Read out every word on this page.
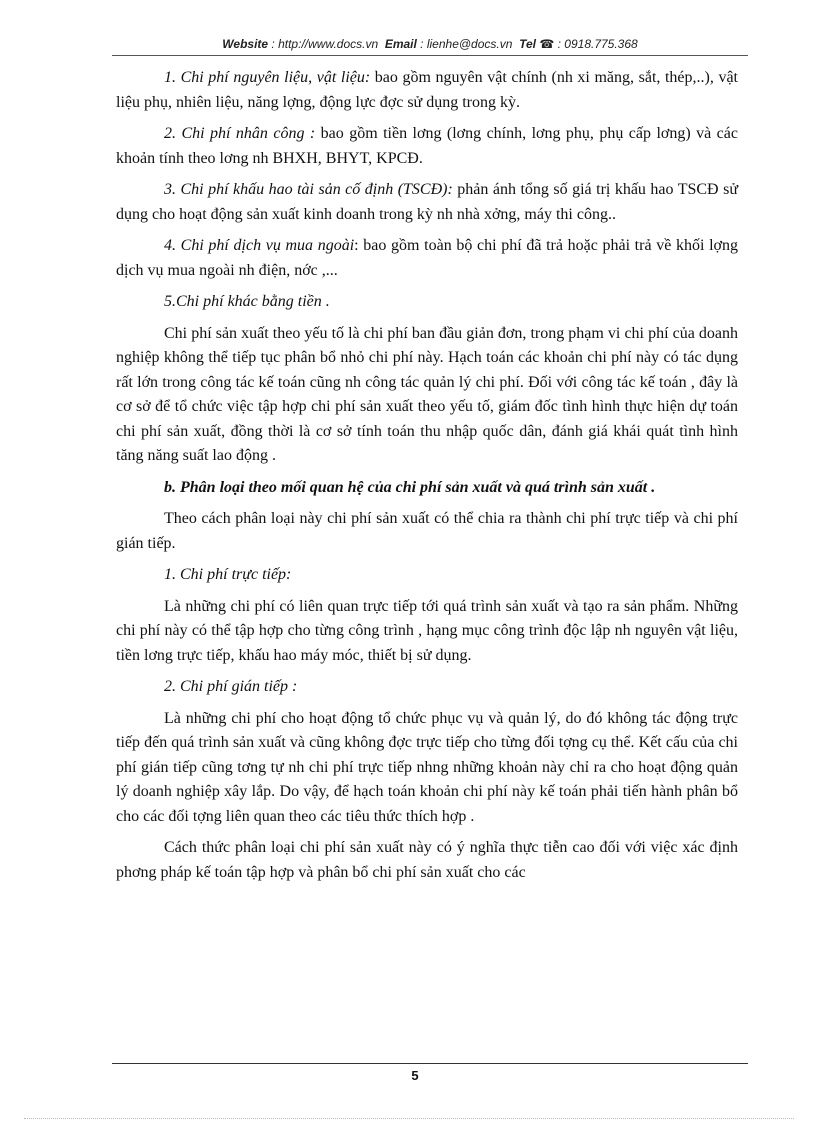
Website : http://www.docs.vn Email : lienhe@docs.vn Tel ☎ : 0918.775.368

1. Chi phí nguyên liệu, vật liệu: bao gồm nguyên vật chính (nh xi măng, sắt, thép,..), vật liệu phụ, nhiên liệu, năng lợng, động lực đợc sử dụng trong kỳ.

2. Chi phí nhân công : bao gồm tiền lơng (lơng chính, lơng phụ, phụ cấp lơng) và các khoản tính theo lơng nh BHXH, BHYT, KPCĐ.

3. Chi phí khấu hao tài sản cố định (TSCĐ): phản ánh tổng số giá trị khấu hao TSCĐ sử dụng cho hoạt động sản xuất kinh doanh trong kỳ nh nhà xởng, máy thi công..

4. Chi phí dịch vụ mua ngoài: bao gồm toàn bộ chi phí đã trả hoặc phải trả về khối lợng dịch vụ mua ngoài nh điện, nớc ,...

5.Chi phí khác bằng tiền .

Chi phí sản xuất theo yếu tố là chi phí ban đầu giản đơn, trong phạm vi chi phí của doanh nghiệp không thể tiếp tục phân bổ nhỏ chi phí này. Hạch toán các khoản chi phí này có tác dụng rất lớn trong công tác kế toán cũng nh công tác quản lý chi phí. Đối với công tác kế toán , đây là cơ sở để tổ chức việc tập hợp chi phí sản xuất theo yếu tố, giám đốc tình hình thực hiện dự toán chi phí sản xuất, đồng thời là cơ sở tính toán thu nhập quốc dân, đánh giá khái quát tình hình tăng năng suất lao động .

b. Phân loại theo mối quan hệ của chi phí sản xuất và quá trình sản xuất .

Theo cách phân loại này chi phí sản xuất có thể chia ra thành chi phí trực tiếp và chi phí gián tiếp.

1. Chi phí trực tiếp:

Là những chi phí có liên quan trực tiếp tới quá trình sản xuất và tạo ra sản phẩm. Những chi phí này có thể tập hợp cho từng công trình , hạng mục công trình độc lập nh nguyên vật liệu, tiền lơng trực tiếp, khấu hao máy móc, thiết bị sử dụng.

2. Chi phí gián tiếp :

Là những chi phí cho hoạt động tổ chức phục vụ và quản lý, do đó không tác động trực tiếp đến quá trình sản xuất và cũng không đợc trực tiếp cho từng đối tợng cụ thể. Kết cấu của chi phí gián tiếp cũng tơng tự nh chi phí trực tiếp nhng những khoản này chỉ ra cho hoạt động quản lý doanh nghiệp xây lắp. Do vậy, để hạch toán khoản chi phí này kế toán phải tiến hành phân bổ cho các đối tợng liên quan theo các tiêu thức thích hợp .

Cách thức phân loại chi phí sản xuất này có ý nghĩa thực tiễn cao đối với việc xác định phơng pháp kế toán tập hợp và phân bổ chi phí sản xuất cho các

5
